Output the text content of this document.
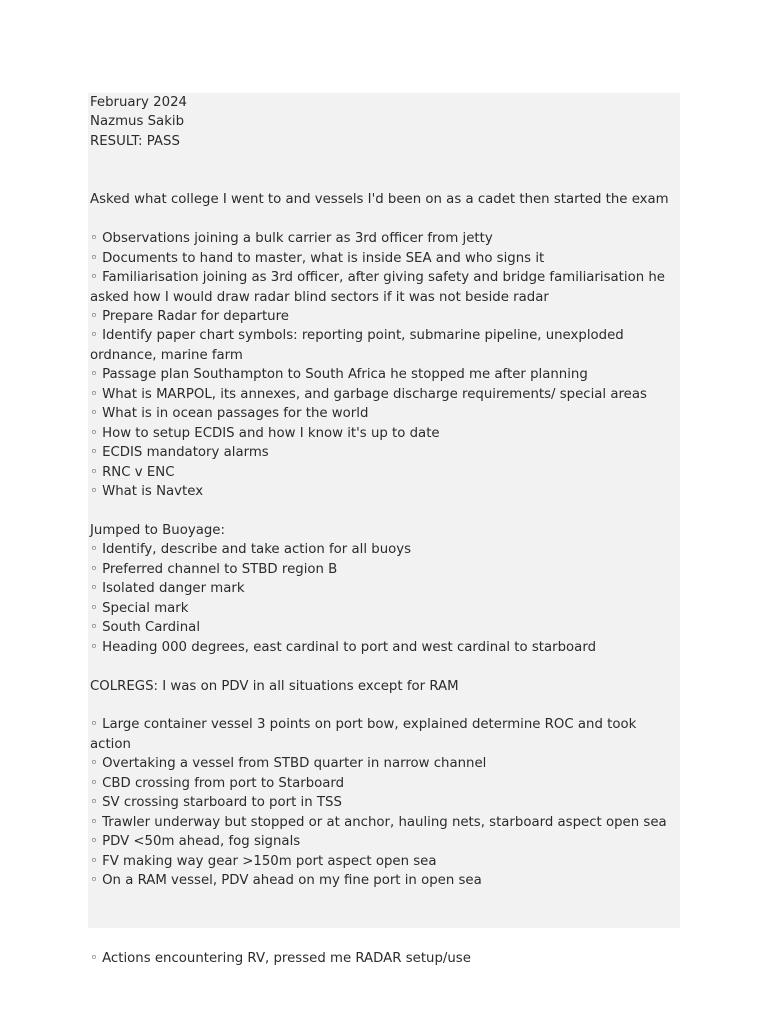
February 2024
Nazmus Sakib
RESULT: PASS
Asked what college I went to and vessels I'd been on as a cadet then started the exam
◦ Observations joining a bulk carrier as 3rd officer from jetty
◦ Documents to hand to master, what is inside SEA and who signs it
◦ Familiarisation joining as 3rd officer, after giving safety and bridge familiarisation he asked how I would draw radar blind sectors if it was not beside radar
◦ Prepare Radar for departure
◦ Identify paper chart symbols: reporting point, submarine pipeline, unexploded ordnance, marine farm
◦ Passage plan Southampton to South Africa he stopped me after planning
◦ What is MARPOL, its annexes, and garbage discharge requirements/ special areas
◦ What is in ocean passages for the world
◦ How to setup ECDIS and how I know it's up to date
◦ ECDIS mandatory alarms
◦ RNC v ENC
◦ What is Navtex
Jumped to Buoyage:
◦ Identify, describe and take action for all buoys
◦ Preferred channel to STBD region B
◦ Isolated danger mark
◦ Special mark
◦ South Cardinal
◦ Heading 000 degrees, east cardinal to port and west cardinal to starboard
COLREGS: I was on PDV in all situations except for RAM
◦ Large container vessel 3 points on port bow, explained determine ROC and took action
◦ Overtaking a vessel from STBD quarter in narrow channel
◦ CBD crossing from port to Starboard
◦ SV crossing starboard to port in TSS
◦ Trawler underway but stopped or at anchor, hauling nets, starboard aspect open sea
◦ PDV <50m ahead, fog signals
◦ FV making way gear >150m port aspect open sea
◦ On a RAM vessel, PDV ahead on my fine port in open sea
◦ Actions encountering RV, pressed me RADAR setup/use
